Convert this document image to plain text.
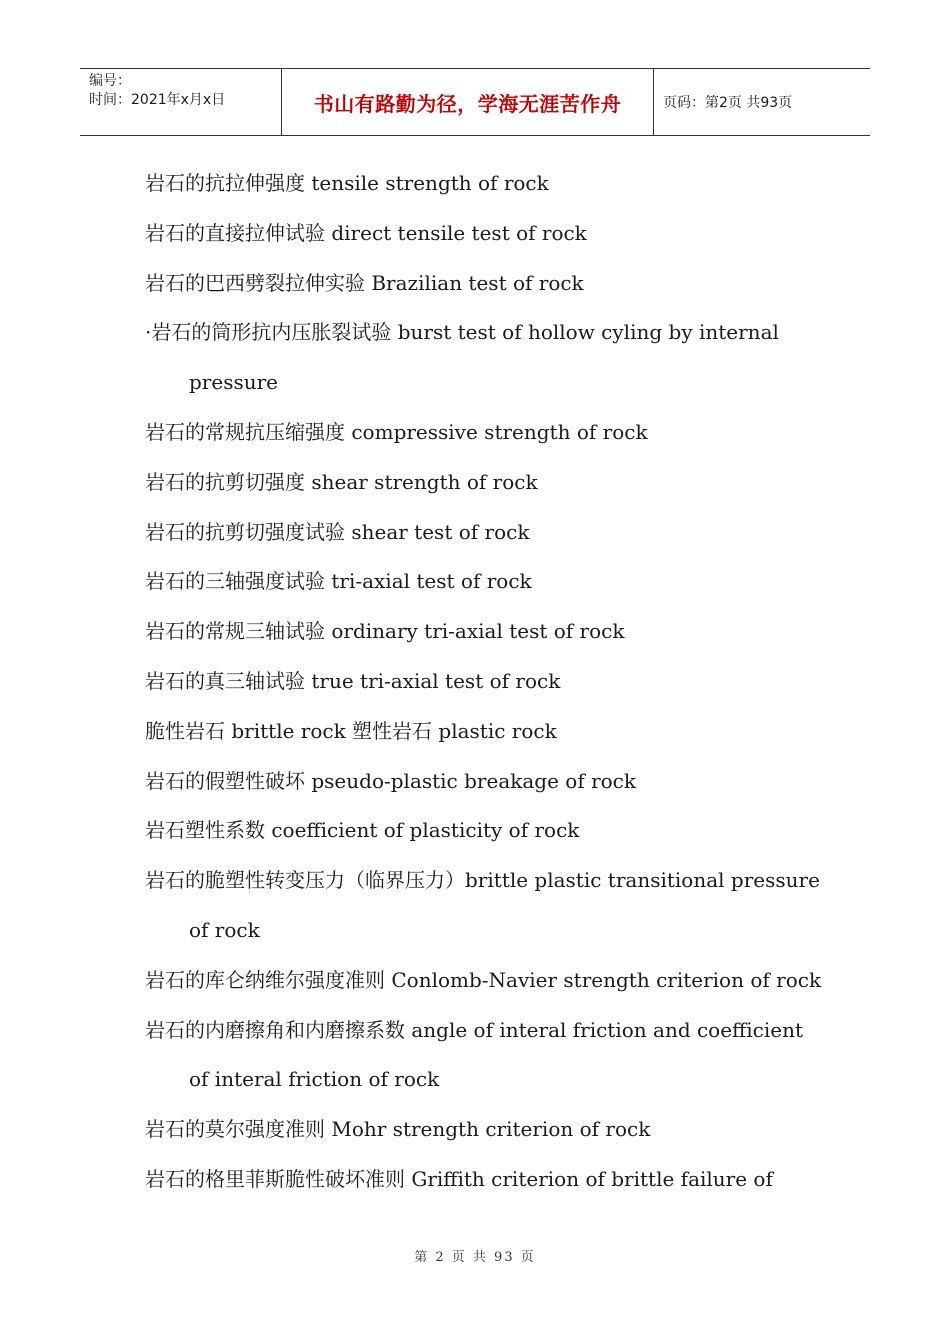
编号：
时间：2021年x月x日	书山有路勤为径，学海无涯苦作舟	页码：第2页 共93页
岩石的抗拉伸强度 tensile strength of rock
岩石的直接拉伸试验 direct tensile test of rock
岩石的巴西劈裂拉伸实验 Brazilian test of rock
·岩石的筒形抗内压胀裂试验 burst test of hollow cyling by internal
pressure
岩石的常规抗压缩强度 compressive strength of rock
岩石的抗剪切强度 shear strength of rock
岩石的抗剪切强度试验 shear test of rock
岩石的三轴强度试验 tri-axial test of rock
岩石的常规三轴试验 ordinary tri-axial test of rock
岩石的真三轴试验 true tri-axial test of rock
脆性岩石 brittle rock 塑性岩石 plastic rock
岩石的假塑性破坏 pseudo-plastic breakage of rock
岩石塑性系数 coefficient of plasticity of rock
岩石的脆塑性转变压力（临界压力）brittle plastic transitional pressure
of rock
岩石的库仑纳维尔强度准则 Conlomb-Navier strength criterion of rock
岩石的内磨擦角和内磨擦系数 angle of interal friction and coefficient
of interal friction of rock
岩石的莫尔强度准则 Mohr strength criterion of rock
岩石的格里菲斯脆性破坏准则 Griffith criterion of brittle failure of
第 2 页 共 93 页
